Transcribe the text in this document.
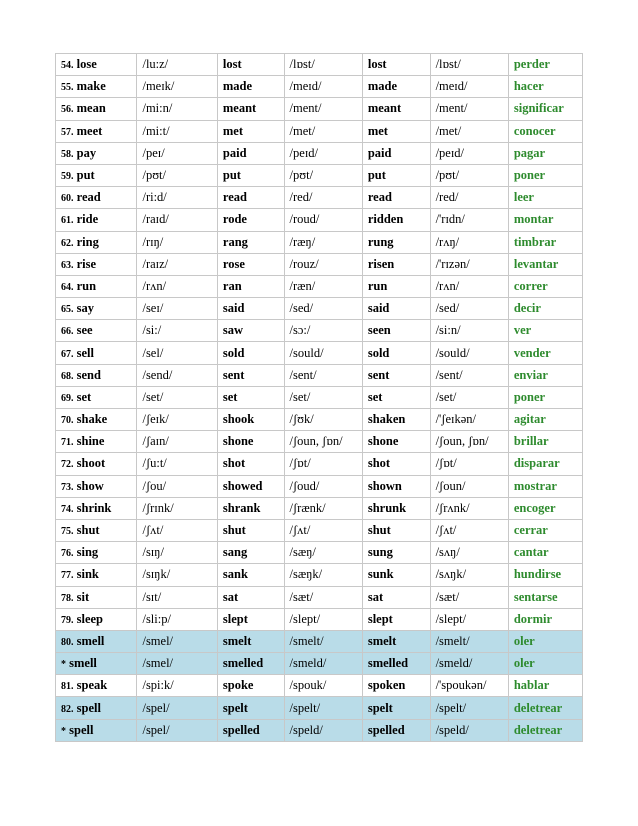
54. lose	/lu:z/	lost	/lɒst/	lost	/lɒst/	perder
55. make	/meɪk/	made	/meɪd/	made	/meɪd/	hacer
56. mean	/mi:n/	meant	/ment/	meant	/ment/	significar
57. meet	/mi:t/	met	/met/	met	/met/	conocer
58. pay	/peɪ/	paid	/peɪd/	paid	/peɪd/	pagar
59. put	/pʊt/	put	/pʊt/	put	/pʊt/	poner
60. read	/ri:d/	read	/red/	read	/red/	leer
61. ride	/raɪd/	rode	/roud/	ridden	/'rɪdn/	montar
62. ring	/rɪŋ/	rang	/ræŋ/	rung	/rʌŋ/	timbrar
63. rise	/raɪz/	rose	/rouz/	risen	/'rɪzən/	levantar
64. run	/rʌn/	ran	/ræn/	run	/rʌn/	correr
65. say	/seɪ/	said	/sed/	said	/sed/	decir
66. see	/si:/	saw	/sɔ:/	seen	/si:n/	ver
67. sell	/sel/	sold	/sould/	sold	/sould/	vender
68. send	/send/	sent	/sent/	sent	/sent/	enviar
69. set	/set/	set	/set/	set	/set/	poner
70. shake	/ʃeɪk/	shook	/ʃʊk/	shaken	/'ʃeɪkən/	agitar
71. shine	/ʃaɪn/	shone	/ʃoun, ʃɒn/	shone	/ʃoun, ʃɒn/	brillar
72. shoot	/ʃu:t/	shot	/ʃɒt/	shot	/ʃɒt/	disparar
73. show	/ʃou/	showed	/ʃoud/	shown	/ʃoun/	mostrar
74. shrink	/ʃrɪnk/	shrank	/ʃrænk/	shrunk	/ʃrʌnk/	encoger
75. shut	/ʃʌt/	shut	/ʃʌt/	shut	/ʃʌt/	cerrar
76. sing	/sɪŋ/	sang	/sæŋ/	sung	/sʌŋ/	cantar
77. sink	/sɪŋk/	sank	/sæŋk/	sunk	/sʌŋk/	hundirse
78. sit	/sɪt/	sat	/sæt/	sat	/sæt/	sentarse
79. sleep	/sli:p/	slept	/slept/	slept	/slept/	dormir
80. smell	/smel/	smelt	/smelt/	smelt	/smelt/	oler
* smell	/smel/	smelled	/smeld/	smelled	/smeld/	oler
81. speak	/spi:k/	spoke	/spouk/	spoken	/'spoukən/	hablar
82. spell	/spel/	spelt	/spelt/	spelt	/spelt/	deletrear
* spell	/spel/	spelled	/speld/	spelled	/speld/	deletrear
